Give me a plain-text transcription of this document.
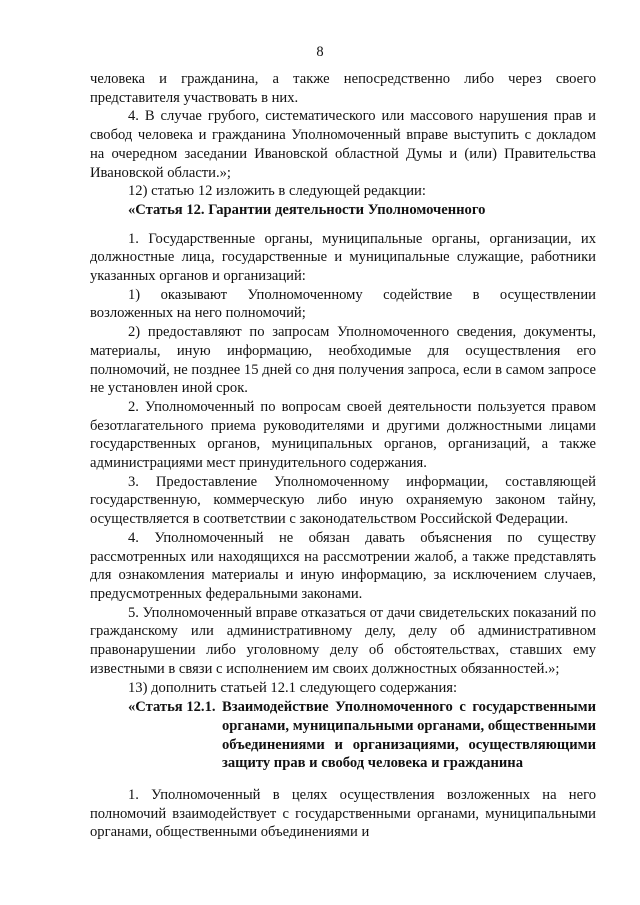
8

человека и гражданина, а также непосредственно либо через своего представителя участвовать в них.

4. В случае грубого, систематического или массового нарушения прав и свобод человека и гражданина Уполномоченный вправе выступить с докладом на очередном заседании Ивановской областной Думы и (или) Правительства Ивановской области.»;

12) статью 12 изложить в следующей редакции:

«Статья 12. Гарантии деятельности Уполномоченного

1. Государственные органы, муниципальные органы, организации, их должностные лица, государственные и муниципальные служащие, работники указанных органов и организаций:

1) оказывают Уполномоченному содействие в осуществлении возложенных на него полномочий;

2) предоставляют по запросам Уполномоченного сведения, документы, материалы, иную информацию, необходимые для осуществления его полномочий, не позднее 15 дней со дня получения запроса, если в самом запросе не установлен иной срок.

2. Уполномоченный по вопросам своей деятельности пользуется правом безотлагательного приема руководителями и другими должностными лицами государственных органов, муниципальных органов, организаций, а также администрациями мест принудительного содержания.

3. Предоставление Уполномоченному информации, составляющей государственную, коммерческую либо иную охраняемую законом тайну, осуществляется в соответствии с законодательством Российской Федерации.

4. Уполномоченный не обязан давать объяснения по существу рассмотренных или находящихся на рассмотрении жалоб, а также представлять для ознакомления материалы и иную информацию, за исключением случаев, предусмотренных федеральными законами.

5. Уполномоченный вправе отказаться от дачи свидетельских показаний по гражданскому или административному делу, делу об административном правонарушении либо уголовному делу об обстоятельствах, ставших ему известными в связи с исполнением им своих должностных обязанностей.»;

13) дополнить статьей 12.1 следующего содержания:

«Статья 12.1. Взаимодействие Уполномоченного с государственными органами, муниципальными органами, общественными объединениями и организациями, осуществляющими защиту прав и свобод человека и гражданина

1. Уполномоченный в целях осуществления возложенных на него полномочий взаимодействует с государственными органами, муниципальными органами, общественными объединениями и
